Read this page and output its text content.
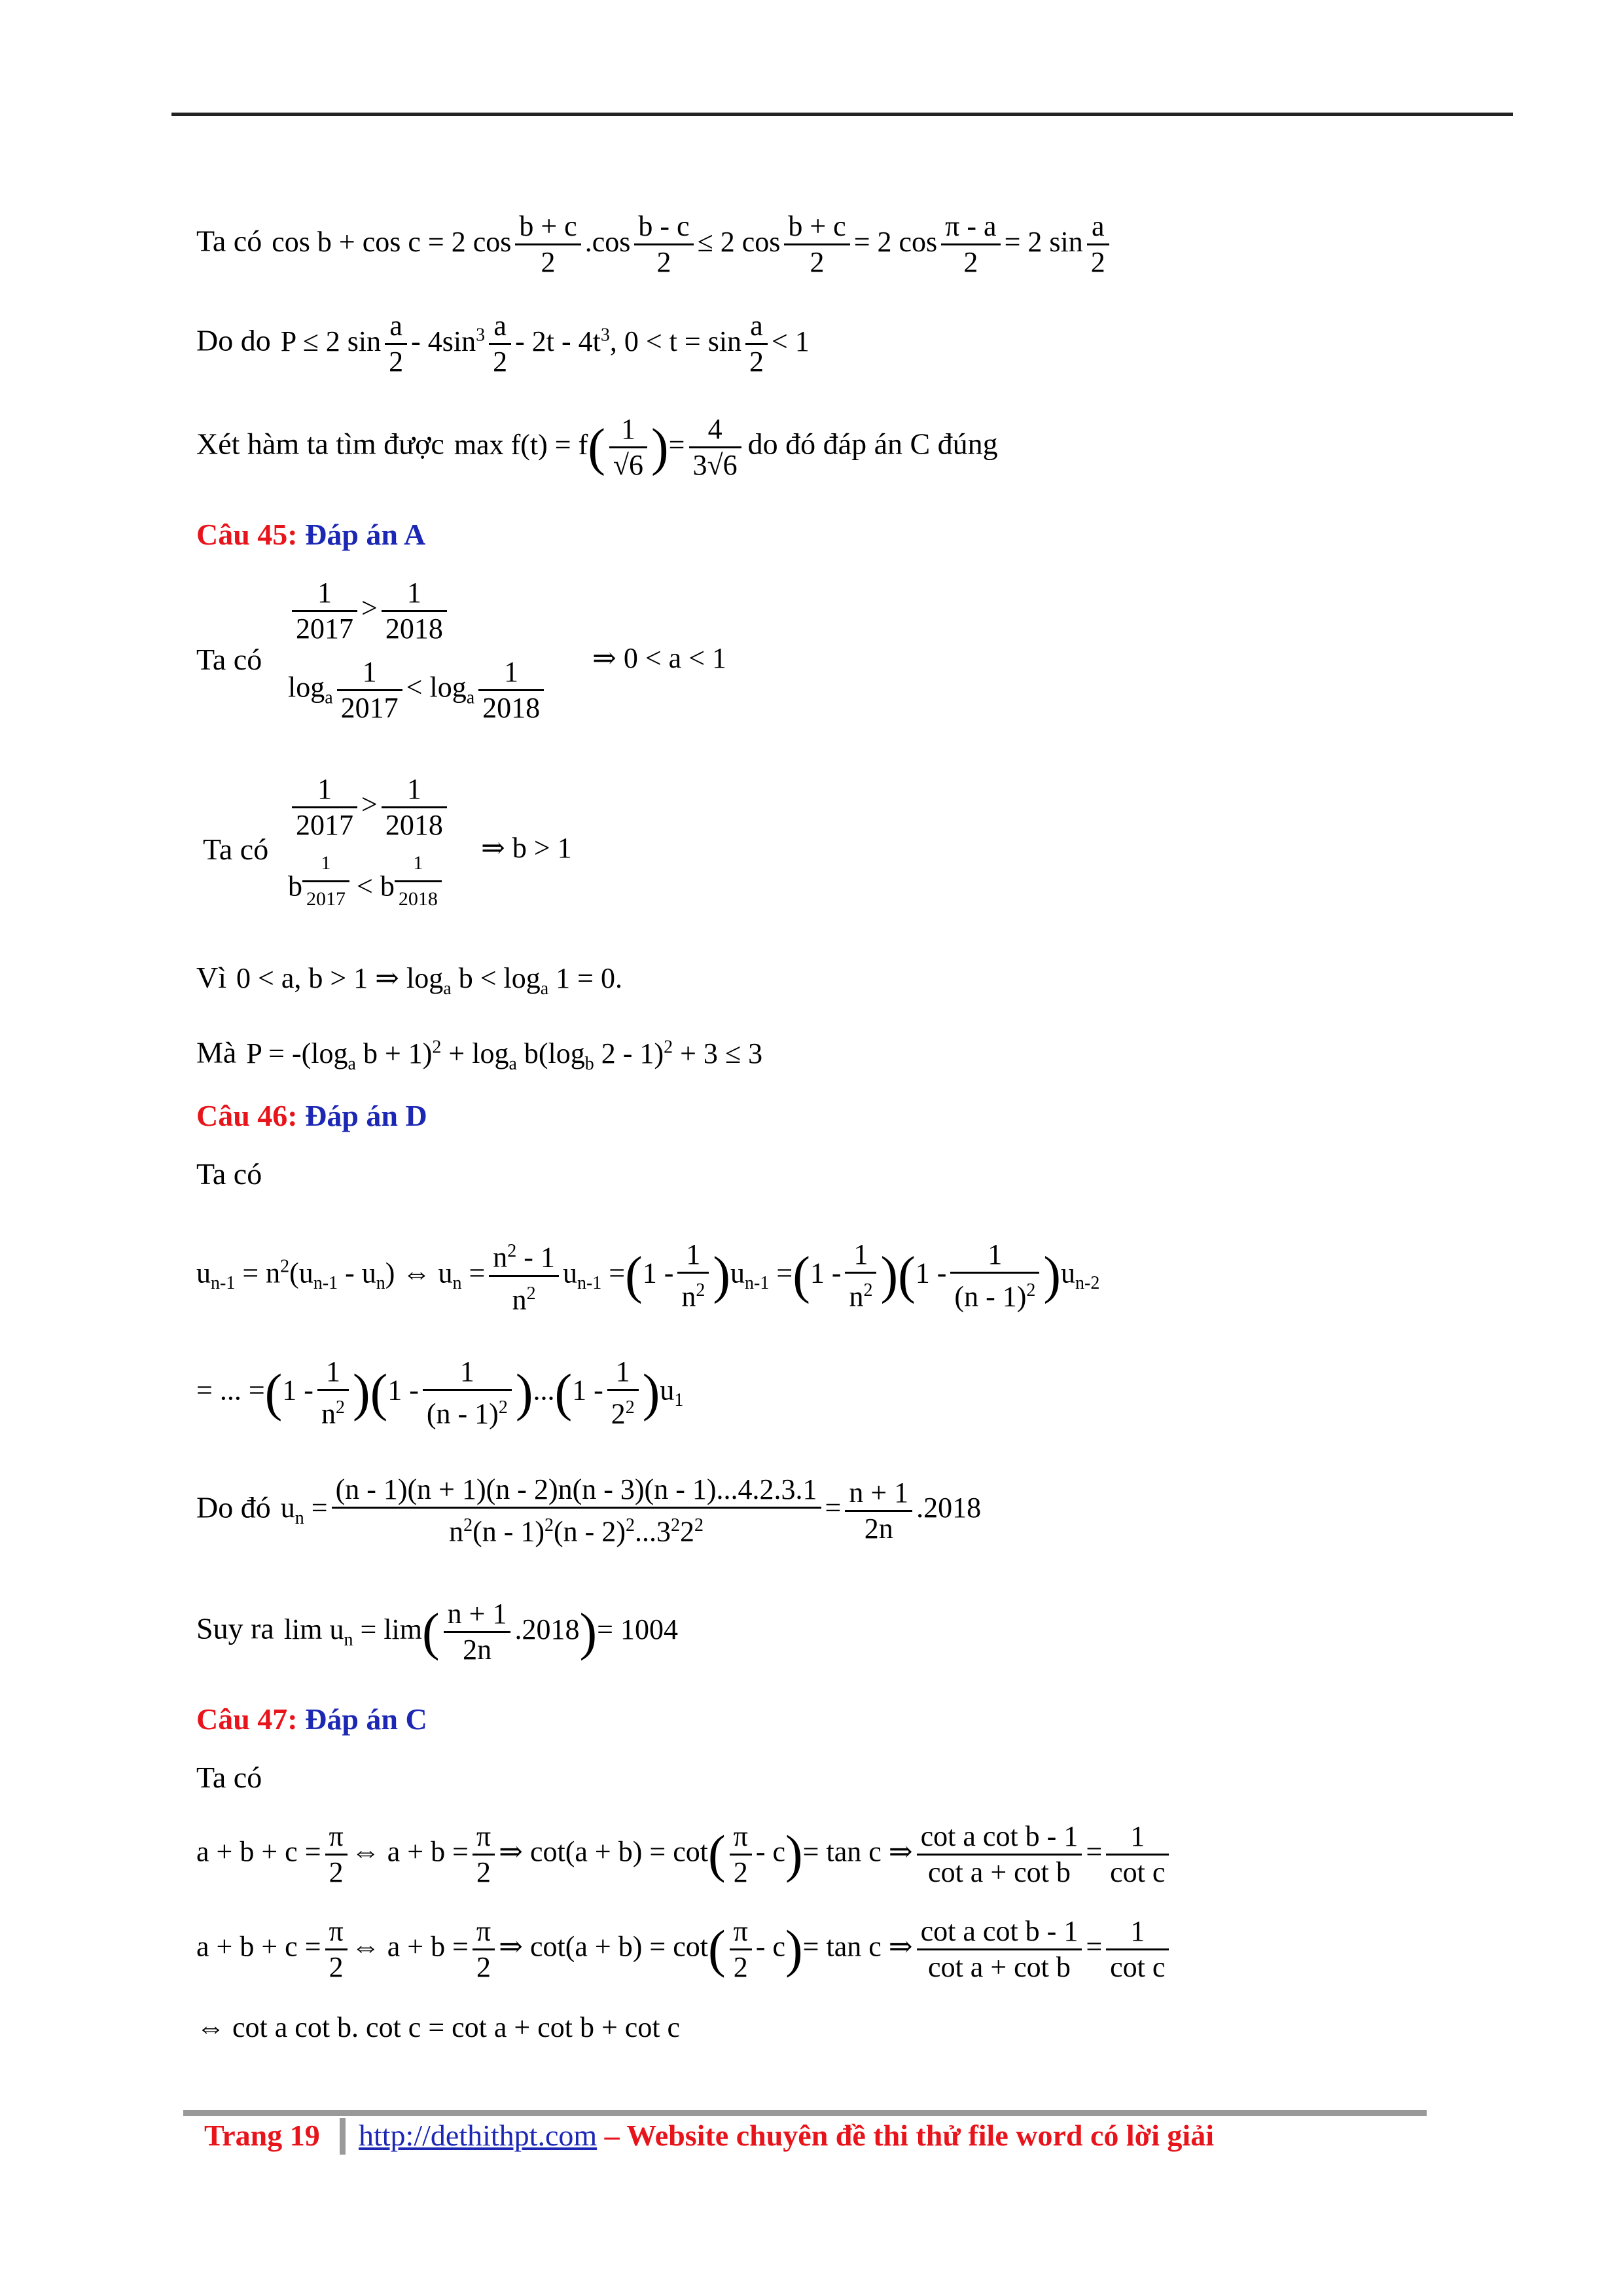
Ta có  cos b + cos c = 2 $\cos \frac{b + c}{2} .\cos \frac{b - c}{2} \le 2$ $\cos \frac{b + c}{2} = 2$ $\cos \frac{\pi - a}{2} = 2$ $\sin \frac{a}{2}$
Do do  P ≤ 2 $\sin \frac{a}{2} - 4\sin^3 \frac{a}{2} - 2t - 4t^3$, $0 < t = \sin \frac{a}{2} < 1$
Xét hàm ta tìm được  $\max f(t) = f( \frac{1}{√6}$ )= $\frac{4}{3√6}$ do đó đáp án C đúng
Câu 45: Đáp án A
Ta có
$\frac{1}{2017} > \frac{1}{2018}$
$\log_a \frac{1}{2017} < \log_a \frac{1}{2018}$ ⇒ 0 < a < 1
Ta có
$\frac{1}{2017} > \frac{1}{2018}$
b $^{\frac{1}{2017}}$ < b $^{\frac{1}{2018}}$ ⇒ b > 1
Vì  0 < a, b > 1 ⇒ $\log_a b < \log_a 1 = 0$.
Mà  $P = -(\log_a$ $b + 1)^2 + \log_a b(\log_b$ 2 - 1)$^2$ + 3 ≤ 3
Câu 46: Đáp án D
Ta có
$u_{n-1} = n^2(u_{n-1} - u_n)$ ⇔ $u_n = \frac{n^2 - 1}{n^2} u_{n-1} =(1 - \frac{1}{n^2} )u_{n-1} =(1 - \frac{1}{n^2} )(1 - \frac{1}{(n - 1)^2} )u_{n-2}$
= ... $=(1 - \frac{1}{n^2} )(1 - \frac{1}{(n - 1)^2} )...(1 - \frac{1}{2^2} )u_1$
Do đó  $u_n = \frac{(n - 1)(n + 1)(n - 2)n(n - 3)(n - 1)...4.2.3.1}{n^2(n - 1)^2(n - 2)^2...3^22^2} = \frac{n + 1}{2n} .2018$
Suy ra  $\lim u_n = \lim( \frac{n + 1}{2n} .2018)= 1004$
Câu 47: Đáp án C
Ta có
$a + b + c = \frac{\pi}{2}$ ⇔ $a + b = \frac{\pi}{2}$ ⇒ $\cot(a + b) = \cot( \frac{\pi}{2} - c)= \tan c$ ⇒ $\frac{\text{cot a cot b - 1}}{\text{cot a + cot b}} = \frac{1}{\text{cot c}}$
$a + b + c = \frac{\pi}{2}$ ⇔ $a + b = \frac{\pi}{2}$ ⇒ $\cot(a + b) = \cot( \frac{\pi}{2} - c)= \tan c$ ⇒ $\frac{\text{cot a cot b - 1}}{\text{cot a + cot b}} = \frac{1}{\text{cot c}}$
⇔ cot a cot b. cot c = cot a + cot b + cot c
Trang 19 http://dethithpt.com – Website chuyên đề thi thử file word có lời giải
